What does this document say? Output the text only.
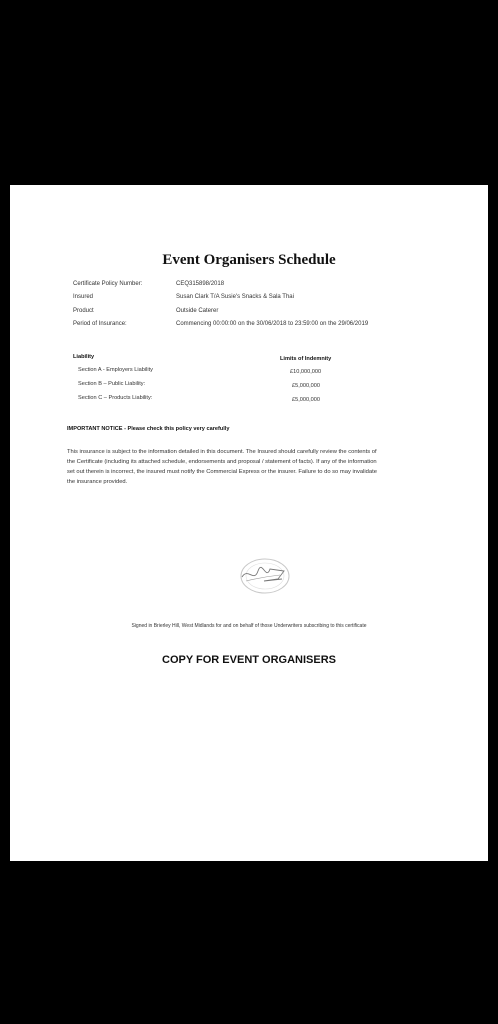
Event Organisers Schedule
Certificate Policy Number:	CEQ315898/2018
Insured	Susan Clark T/A Susie's Snacks & Sala Thai
Product	Outside Caterer
Period of Insurance:	Commencing 00:00:00 on the 30/06/2018 to 23:59:00 on the 29/06/2019
Liability	Limits of Indemnity
Section A - Employers Liability	£10,000,000
Section B – Public Liability:	£5,000,000
Section C – Products Liability:	£5,000,000
IMPORTANT NOTICE - Please check this policy very carefully
This insurance is subject to the information detailed in this document. The Insured should carefully review the contents of
the Certificate (including its attached schedule, endorsements and proposal / statement of facts). If any of the information
set out therein is incorrect, the insured must notify the Commercial Express or the insurer. Failure to do so may invalidate
the insurance provided.
Signed in Brierley Hill, West Midlands for and on behalf of those Underwriters subscribing to this certificate
COPY FOR EVENT ORGANISERS
